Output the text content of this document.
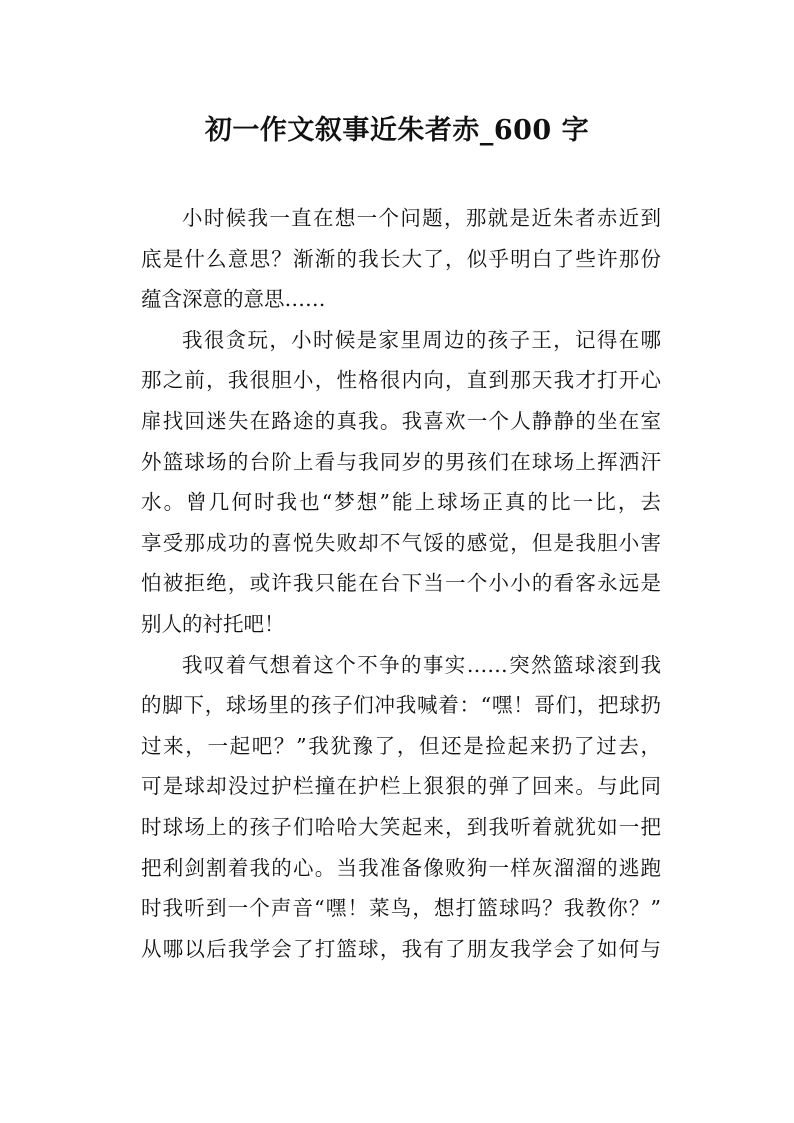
初一作文叙事近朱者赤_600 字
小时候我一直在想一个问题，那就是近朱者赤近到
底是什么意思？渐渐的我长大了，似乎明白了些许那份
蕴含深意的意思……
我很贪玩，小时候是家里周边的孩子王，记得在哪
那之前，我很胆小，性格很内向，直到那天我才打开心
扉找回迷失在路途的真我。我喜欢一个人静静的坐在室
外篮球场的台阶上看与我同岁的男孩们在球场上挥洒汗
水。曾几何时我也“梦想”能上球场正真的比一比，去
享受那成功的喜悦失败却不气馁的感觉，但是我胆小害
怕被拒绝，或许我只能在台下当一个小小的看客永远是
别人的衬托吧！
我叹着气想着这个不争的事实……突然篮球滚到我
的脚下，球场里的孩子们冲我喊着：“嘿！哥们，把球扔
过来，一起吧？”我犹豫了，但还是捡起来扔了过去，
可是球却没过护栏撞在护栏上狠狠的弹了回来。与此同
时球场上的孩子们哈哈大笑起来，到我听着就犹如一把
把利剑割着我的心。当我准备像败狗一样灰溜溜的逃跑
时我听到一个声音“嘿！菜鸟，想打篮球吗？我教你？”
从哪以后我学会了打篮球，我有了朋友我学会了如何与
